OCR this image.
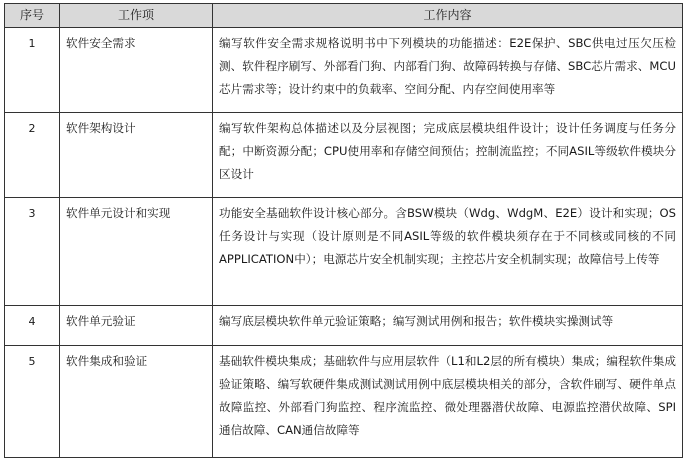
序号	工作项	工作内容
1	软件安全需求	编写软件安全需求规格说明书中下列模块的功能描述：E2E保护、SBC供电过压欠压检测、软件程序刷写、外部看门狗、内部看门狗、故障码转换与存储、SBC芯片需求、MCU芯片需求等；设计约束中的负载率、空间分配、内存空间使用率等
2	软件架构设计	编写软件架构总体描述以及分层视图；完成底层模块组件设计；设计任务调度与任务分配；中断资源分配；CPU使用率和存储空间预估；控制流监控；不同ASIL等级软件模块分区设计
3	软件单元设计和实现	功能安全基础软件设计核心部分。含BSW模块（Wdg、WdgM、E2E）设计和实现；OS任务设计与实现（设计原则是不同ASIL等级的软件模块须存在于不同核或同核的不同APPLICATION中）；电源芯片安全机制实现；主控芯片安全机制实现；故障信号上传等
4	软件单元验证	编写底层模块软件单元验证策略；编写测试用例和报告；软件模块实操测试等
5	软件集成和验证	基础软件模块集成；基础软件与应用层软件（L1和L2层的所有模块）集成；编程软件集成验证策略、编写软硬件集成测试测试用例中底层模块相关的部分，含软件刷写、硬件单点故障监控、外部看门狗监控、程序流监控、微处理器潜伏故障、电源监控潜伏故障、SPI通信故障、CAN通信故障等
